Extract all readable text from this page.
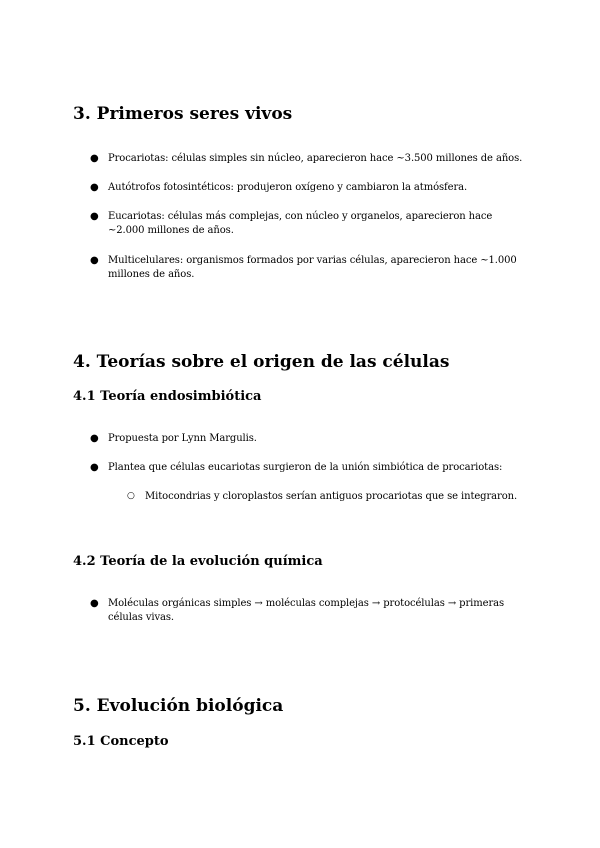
3. Primeros seres vivos
● Procariotas: células simples sin núcleo, aparecieron hace ~3.500 millones de años.
● Autótrofos fotosintéticos: produjeron oxígeno y cambiaron la atmósfera.
● Eucariotas: células más complejas, con núcleo y organelos, aparecieron hace ~2.000 millones de años.
● Multicelulares: organismos formados por varias células, aparecieron hace ~1.000 millones de años.
4. Teorías sobre el origen de las células
4.1 Teoría endosimbiótica
● Propuesta por Lynn Margulis.
● Plantea que células eucariotas surgieron de la unión simbiótica de procariotas:
○ Mitocondrias y cloroplastos serían antiguos procariotas que se integraron.
4.2 Teoría de la evolución química
● Moléculas orgánicas simples → moléculas complejas → protocélulas → primeras células vivas.
5. Evolución biológica
5.1 Concepto
